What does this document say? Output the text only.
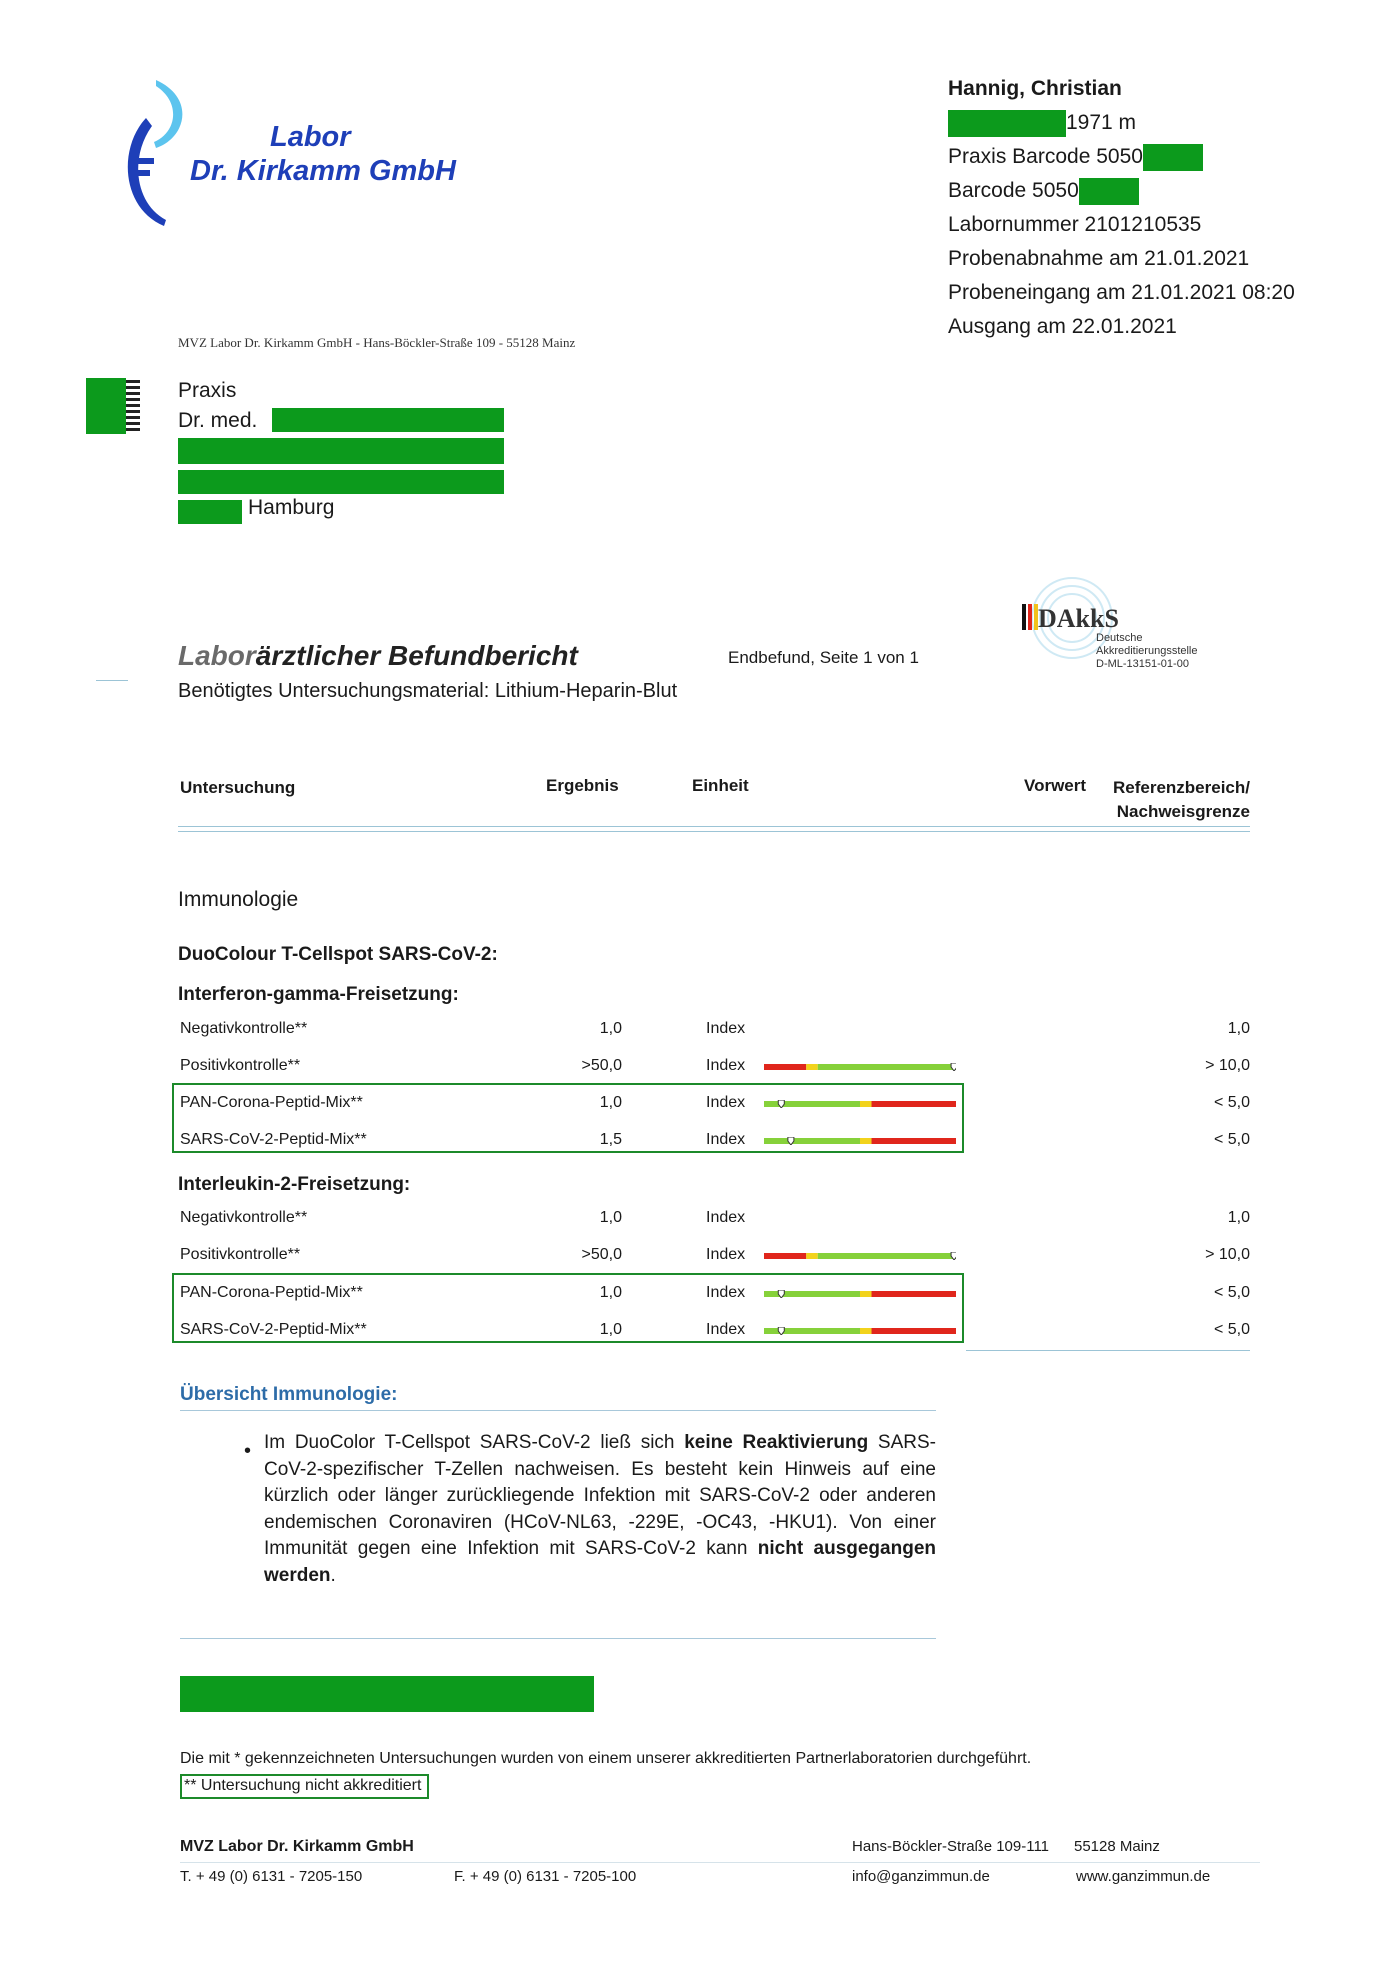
Labor
Dr. Kirkamm GmbH
MVZ Labor Dr. Kirkamm GmbH - Hans-Böckler-Straße 109 - 55128 Mainz
Hannig, Christian
1971 m
Praxis Barcode 5050
Barcode 5050
Labornummer 2101210535
Probenabnahme am 21.01.2021
Probeneingang am 21.01.2021 08:20
Ausgang am 22.01.2021
Praxis
Dr. med.
Hamburg
DAkkS
Deutsche
Akkreditierungsstelle
D-ML-13151-01-00
Laborärztlicher Befundbericht	Endbefund, Seite 1 von 1
Benötigtes Untersuchungsmaterial: Lithium-Heparin-Blut
Untersuchung	Ergebnis	Einheit	Vorwert	Referenzbereich/
Nachweisgrenze
Immunologie
DuoColour T-Cellspot SARS-CoV-2:
Interferon-gamma-Freisetzung:
Negativkontrolle**	1,0	Index	1,0
Positivkontrolle**	>50,0	Index	> 10,0
PAN-Corona-Peptid-Mix**	1,0	Index	< 5,0
SARS-CoV-2-Peptid-Mix**	1,5	Index	< 5,0
Interleukin-2-Freisetzung:
Negativkontrolle**	1,0	Index	1,0
Positivkontrolle**	>50,0	Index	> 10,0
PAN-Corona-Peptid-Mix**	1,0	Index	< 5,0
SARS-CoV-2-Peptid-Mix**	1,0	Index	< 5,0
Übersicht Immunologie:
• Im DuoColor T-Cellspot SARS-CoV-2 ließ sich keine Reaktivierung SARS-CoV-2-spezifischer T-Zellen nachweisen. Es besteht kein Hinweis auf eine kürzlich oder länger zurückliegende Infektion mit SARS-CoV-2 oder anderen endemischen Coronaviren (HCoV-NL63, -229E, -OC43, -HKU1). Von einer Immunität gegen eine Infektion mit SARS-CoV-2 kann nicht ausgegangen werden.
Die mit * gekennzeichneten Untersuchungen wurden von einem unserer akkreditierten Partnerlaboratorien durchgeführt.
** Untersuchung nicht akkreditiert
MVZ Labor Dr. Kirkamm GmbH
T. + 49 (0) 6131 - 7205-150	F. + 49 (0) 6131 - 7205-100
Hans-Böckler-Straße 109-111 55128 Mainz
info@ganzimmun.de	www.ganzimmun.de
